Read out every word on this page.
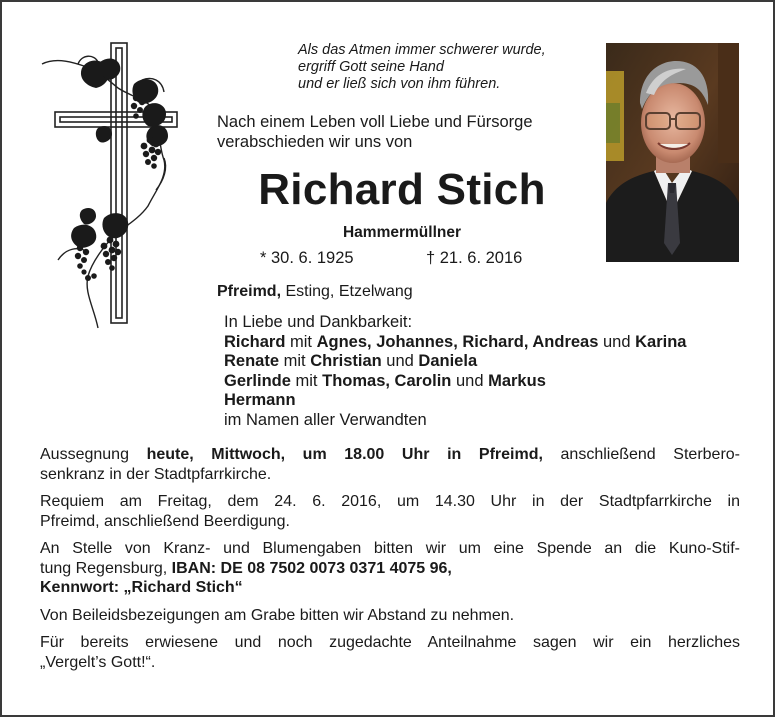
Als das Atmen immer schwerer wurde,
ergriff Gott seine Hand
und er ließ sich von ihm führen.
Nach einem Leben voll Liebe und Fürsorge
verabschieden wir uns von
Richard Stich
Hammermüllner
* 30. 6. 1925	† 21. 6. 2016
Pfreimd, Esting, Etzelwang
In Liebe und Dankbarkeit:
Richard mit Agnes, Johannes, Richard, Andreas und Karina
Renate mit Christian und Daniela
Gerlinde mit Thomas, Carolin und Markus
Hermann
im Namen aller Verwandten
Aussegnung heute, Mittwoch, um 18.00 Uhr in Pfreimd, anschließend Sterbero-
senkranz in der Stadtpfarrkirche.
Requiem am Freitag, dem 24. 6. 2016, um 14.30 Uhr in der Stadtpfarrkirche in
Pfreimd, anschließend Beerdigung.
An Stelle von Kranz- und Blumengaben bitten wir um eine Spende an die Kuno-Stif-
tung Regensburg, IBAN: DE 08 7502 0073 0371 4075 96,
Kennwort: „Richard Stich“
Von Beileidsbezeigungen am Grabe bitten wir Abstand zu nehmen.
Für bereits erwiesene und noch zugedachte Anteilnahme sagen wir ein herzliches
„Vergelt’s Gott!“.
